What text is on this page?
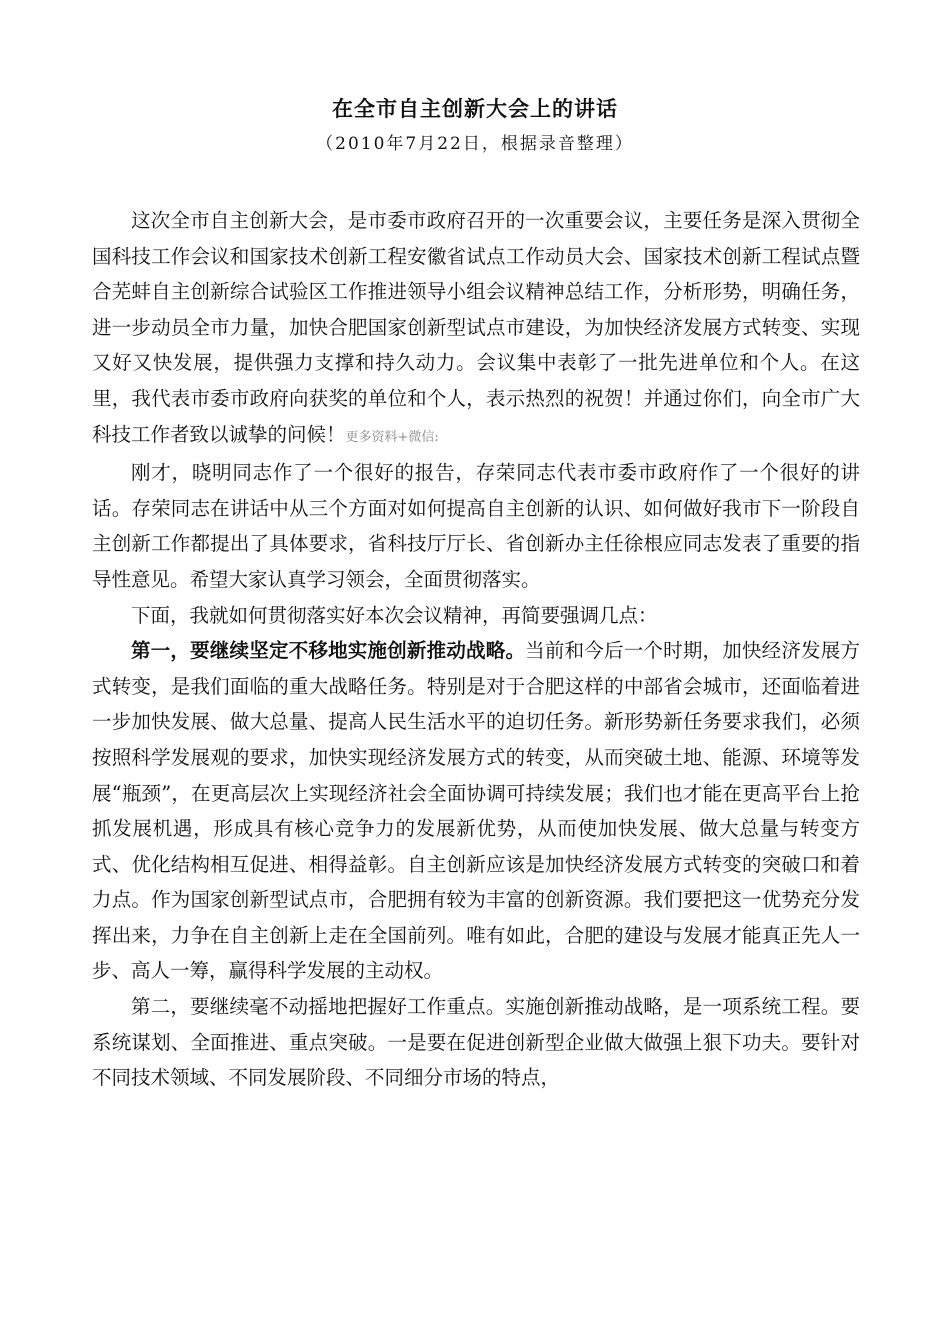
在全市自主创新大会上的讲话
（2010年7月22日，根据录音整理）

这次全市自主创新大会，是市委市政府召开的一次重要会议，主要任务是深入贯彻全国科技工作会议和国家技术创新工程安徽省试点工作动员大会、国家技术创新工程试点暨合芜蚌自主创新综合试验区工作推进领导小组会议精神总结工作，分析形势，明确任务，进一步动员全市力量，加快合肥国家创新型试点市建设，为加快经济发展方式转变、实现又好又快发展，提供强力支撑和持久动力。会议集中表彰了一批先进单位和个人。在这里，我代表市委市政府向获奖的单位和个人，表示热烈的祝贺！并通过你们，向全市广大科技工作者致以诚挚的问候！更多资料+微信:

刚才，晓明同志作了一个很好的报告，存荣同志代表市委市政府作了一个很好的讲话。存荣同志在讲话中从三个方面对如何提高自主创新的认识、如何做好我市下一阶段自主创新工作都提出了具体要求，省科技厅厅长、省创新办主任徐根应同志发表了重要的指导性意见。希望大家认真学习领会，全面贯彻落实。

下面，我就如何贯彻落实好本次会议精神，再简要强调几点：

第一，要继续坚定不移地实施创新推动战略。当前和今后一个时期，加快经济发展方式转变，是我们面临的重大战略任务。特别是对于合肥这样的中部省会城市，还面临着进一步加快发展、做大总量、提高人民生活水平的迫切任务。新形势新任务要求我们，必须按照科学发展观的要求，加快实现经济发展方式的转变，从而突破土地、能源、环境等发展“瓶颈”，在更高层次上实现经济社会全面协调可持续发展；我们也才能在更高平台上抢抓发展机遇，形成具有核心竞争力的发展新优势，从而使加快发展、做大总量与转变方式、优化结构相互促进、相得益彰。自主创新应该是加快经济发展方式转变的突破口和着力点。作为国家创新型试点市，合肥拥有较为丰富的创新资源。我们要把这一优势充分发挥出来，力争在自主创新上走在全国前列。唯有如此，合肥的建设与发展才能真正先人一步、高人一筹，赢得科学发展的主动权。

第二，要继续毫不动摇地把握好工作重点。实施创新推动战略，是一项系统工程。要系统谋划、全面推进、重点突破。一是要在促进创新型企业做大做强上狠下功夫。要针对不同技术领域、不同发展阶段、不同细分市场的特点，
